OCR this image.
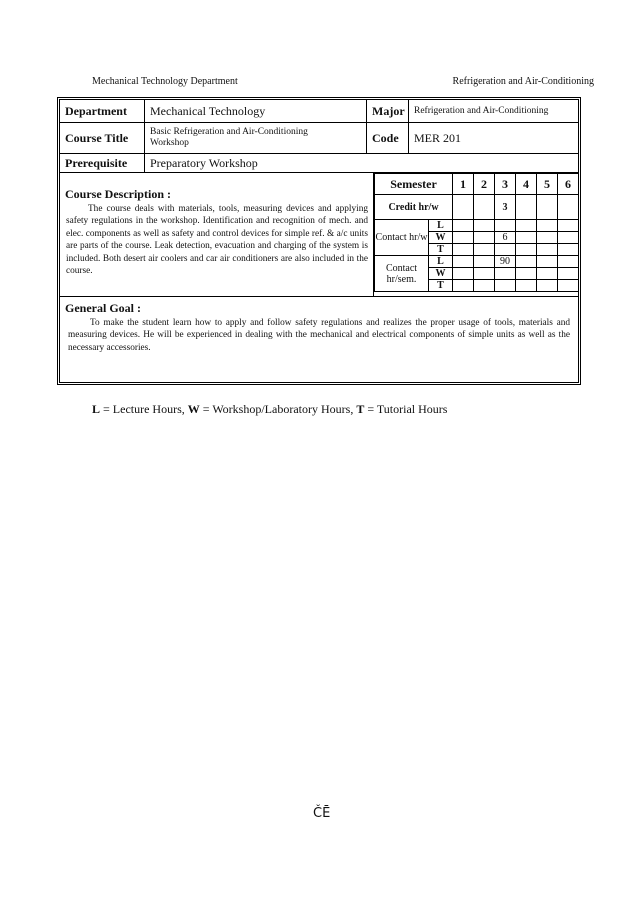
Mechanical Technology Department	Refrigeration and Air-Conditioning
Department	Mechanical Technology	Major Refrigeration and Air-Conditioning
Course Title	Basic Refrigeration and Air-Conditioning Workshop	Code	MER 201
Prerequisite	Preparatory Workshop
Course Description :
The course deals with materials, tools, measuring devices and applying safety regulations in the workshop. Identification and recognition of mech. and elec. components as well as safety and control devices for simple ref. & a/c units are parts of the course. Leak detection, evacuation and charging of the system is included. Both desert air coolers and car air conditioners are also included in the course.
Semester		1	2	3	4	5	6
Credit hr/w				3			
Contact hr/w	L						
	W			6			
	T						
Contact hr/sem.	L			90			
	W						
	T						
General Goal :
To make the student learn how to apply and follow safety regulations and realizes the proper usage of tools, materials and measuring devices. He will be experienced in dealing with the mechanical and electrical components of simple units as well as the necessary accessories.
L = Lecture Hours, W = Workshop/Laboratory Hours, T = Tutorial Hours
ČĒ
